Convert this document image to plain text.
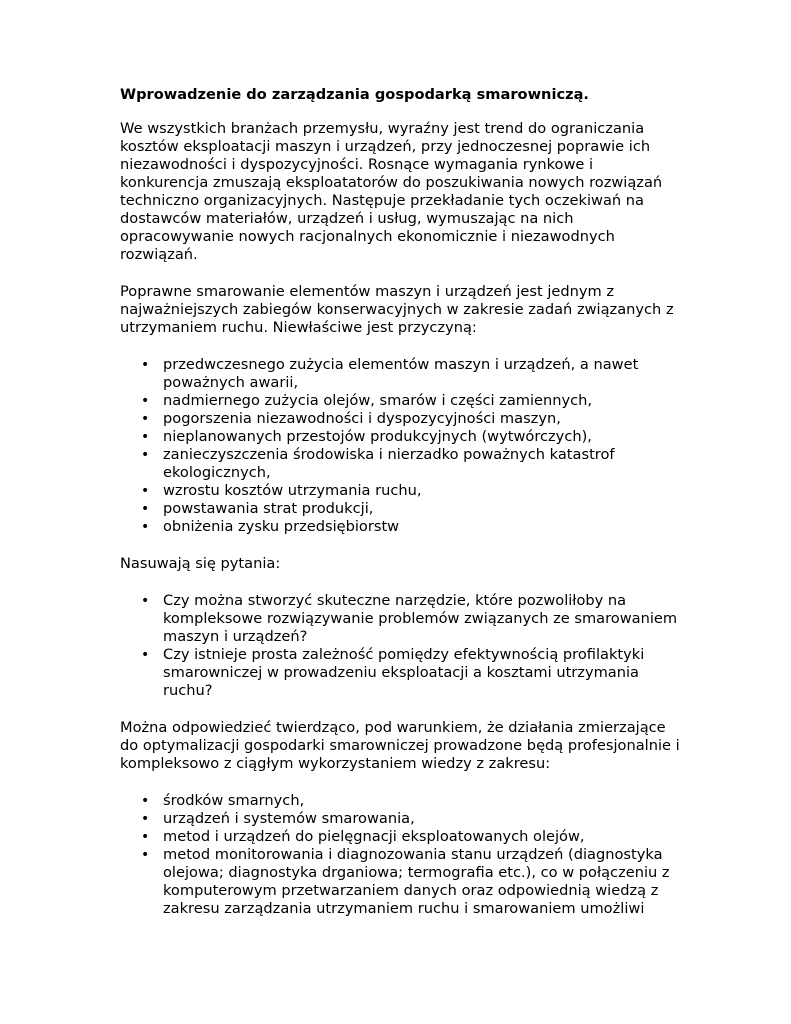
Wprowadzenie do zarządzania gospodarką smarowniczą.

We wszystkich branżach przemysłu, wyraźny jest trend do ograniczania kosztów eksploatacji maszyn i urządzeń, przy jednoczesnej poprawie ich niezawodności i dyspozycyjności. Rosnące wymagania rynkowe i konkurencja zmuszają eksploatatorów do poszukiwania nowych rozwiązań techniczno organizacyjnych. Następuje przekładanie tych oczekiwań na dostawców materiałów, urządzeń i usług, wymuszając na nich opracowywanie nowych racjonalnych ekonomicznie i niezawodnych rozwiązań.

Poprawne smarowanie elementów maszyn i urządzeń jest jednym z najważniejszych zabiegów konserwacyjnych w zakresie zadań związanych z utrzymaniem ruchu. Niewłaściwe jest przyczyną:

• przedwczesnego zużycia elementów maszyn i urządzeń, a nawet poważnych awarii,
• nadmiernego zużycia olejów, smarów i części zamiennych,
• pogorszenia niezawodności i dyspozycyjności maszyn,
• nieplanowanych przestojów produkcyjnych (wytwórczych),
• zanieczyszczenia środowiska i nierzadko poważnych katastrof ekologicznych,
• wzrostu kosztów utrzymania ruchu,
• powstawania strat produkcji,
• obniżenia zysku przedsiębiorstw

Nasuwają się pytania:

• Czy można stworzyć skuteczne narzędzie, które pozwoliłoby na kompleksowe rozwiązywanie problemów związanych ze smarowaniem maszyn i urządzeń?
• Czy istnieje prosta zależność pomiędzy efektywnością profilaktyki smarowniczej w prowadzeniu eksploatacji a kosztami utrzymania ruchu?

Można odpowiedzieć twierdząco, pod warunkiem, że działania zmierzające do optymalizacji gospodarki smarowniczej prowadzone będą profesjonalnie i kompleksowo z ciągłym wykorzystaniem wiedzy z zakresu:

• środków smarnych,
• urządzeń i systemów smarowania,
• metod i urządzeń do pielęgnacji eksploatowanych olejów,
• metod monitorowania i diagnozowania stanu urządzeń (diagnostyka olejowa; diagnostyka drganiowa; termografia etc.), co w połączeniu z komputerowym przetwarzaniem danych oraz odpowiednią wiedzą z zakresu zarządzania utrzymaniem ruchu i smarowaniem umożliwi
